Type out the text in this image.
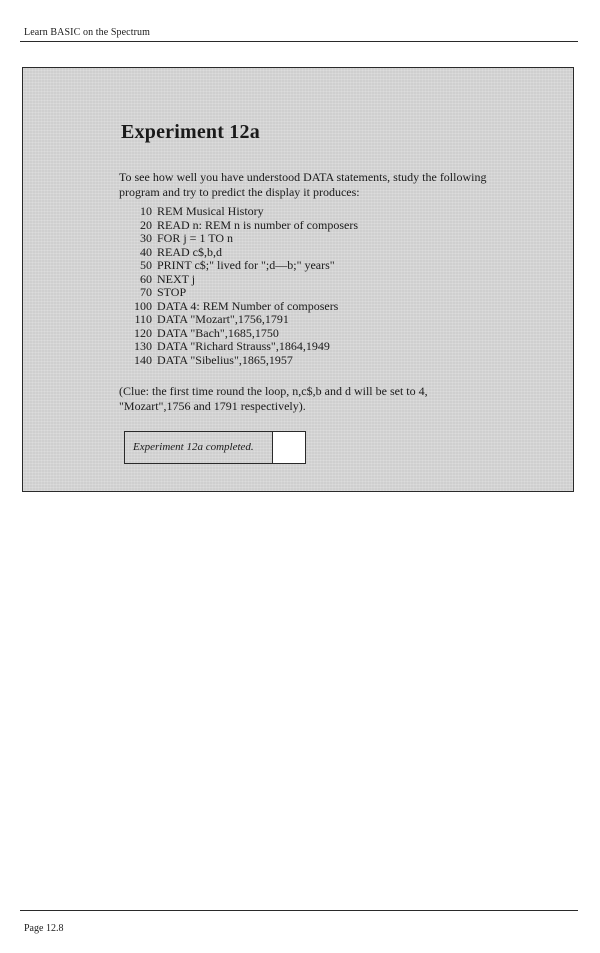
Learn BASIC on the Spectrum
Experiment 12a

To see how well you have understood DATA statements, study the following program and try to predict the display it produces:

10 REM Musical History
20 READ n: REM n is number of composers
30 FOR j = 1 TO n
40 READ c$,b,d
50 PRINT c$;" lived for ";d—b;" years"
60 NEXT j
70 STOP
100 DATA 4: REM Number of composers
110 DATA "Mozart",1756,1791
120 DATA "Bach",1685,1750
130 DATA "Richard Strauss",1864,1949
140 DATA "Sibelius",1865,1957

(Clue: the first time round the loop, n,c$,b and d will be set to 4, "Mozart",1756 and 1791 respectively).

Experiment 12a completed.
Page 12.8
